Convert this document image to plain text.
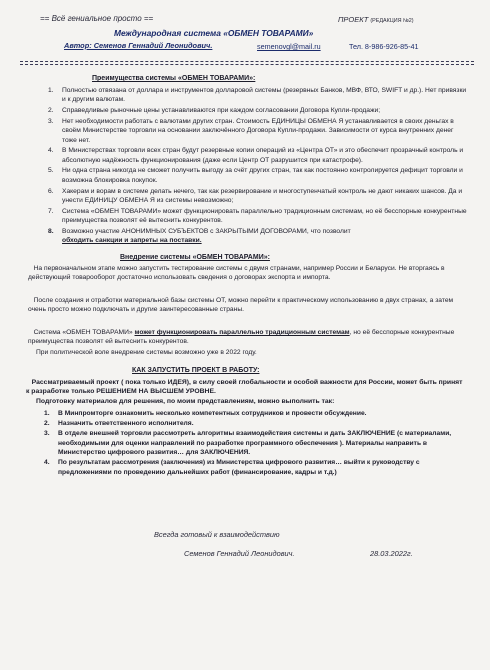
== Всё гениальное просто ==	ПРОЕКТ (РЕДАКЦИЯ №2)
Международная система «ОБМЕН ТОВАРАМИ»
Автор: Семенов Геннадий Леонидович.	semenovgl@mail.ru	Тел. 8-986-926-85-41
Преимущества системы «ОБМЕН ТОВАРАМИ»:
1. Полностью отвязана от доллара и инструментов долларовой системы (резервных Банков, МВФ, ВТО, SWIFT и др.). Нет привязки и к другим валютам.
2. Справедливые рыночные цены устанавливаются при каждом согласовании Договора Купли-продажи;
3. Нет необходимости работать с валютами других стран. Стоимость ЕДИНИЦЫ ОБМЕНА Я устанавливается в своих деньгах в своём Министерстве торговли на основании заключённого Договора Купли-продажи. Зависимости от курса внутренних денег тоже нет.
4. В Министерствах торговли всех стран будут резервные копии операций из «Центра ОТ» и это обеспечит прозрачный контроль и абсолютную надёжность функционирования (даже если Центр ОТ разрушится при катастрофе).
5. Ни одна страна никогда не сможет получить выгоду за счёт других стран, так как постоянно контролируется дефицит торговли и возможна блокировка покупок.
6. Хакерам и ворам в системе делать нечего, так как резервирование и многоступенчатый контроль не дают никаких шансов. Да и унести ЕДИНИЦУ ОБМЕНА Я из системы невозможно;
7. Система «ОБМЕН ТОВАРАМИ» может функционировать параллельно традиционным системам, но её бесспорные конкурентные преимущества позволят её вытеснить конкурентов.
8. Возможно участие АНОНИМНЫХ СУБЪЕКТОВ с ЗАКРЫТЫМИ ДОГОВОРАМИ, что позволит
обходить санкции и запреты на поставки.
Внедрение системы «ОБМЕН ТОВАРАМИ»:
На первоначальном этапе можно запустить тестирование системы с двумя странами, например России и Беларуси. Не вторгаясь в действующий товарооборот достаточно использовать сведения о договорах экспорта и импорта.
После создания и отработки материальной базы системы ОТ, можно перейти к практическому использованию в двух странах, а затем очень просто можно подключать и другие заинтересованные страны.
Система «ОБМЕН ТОВАРАМИ» может функционировать параллельно традиционным системам, но её бесспорные конкурентные преимущества позволят ей вытеснить конкурентов.
При политической воле внедрение системы возможно уже в 2022 году.
КАК ЗАПУСТИТЬ ПРОЕКТ В РАБОТУ:
Рассматриваемый проект ( пока только ИДЕЯ), в силу своей глобальности и особой важности для России, может быть принят к разработке только РЕШЕНИЕМ НА ВЫСШЕМ УРОВНЕ.
Подготовку материалов для решения, по моим представлениям, можно выполнить так:
1. В Минпромторге ознакомить несколько компетентных сотрудников и провести обсуждение.
2. Назначить ответственного исполнителя.
3. В отделе внешней торговли рассмотреть алгоритмы взаимодействия системы и дать ЗАКЛЮЧЕНИЕ (с материалами, необходимыми для оценки направлений по разработке программного обеспечения ). Материалы направить в Министерство цифрового развития… для ЗАКЛЮЧЕНИЯ.
4. По результатам рассмотрения (заключения) из Министерства цифрового развития… выйти к руководству с предложениями по проведению дальнейших работ (финансирование, кадры и т.д.)
Всегда готовый к взаимодействию
Семенов Геннадий Леонидович.	28.03.2022г.
